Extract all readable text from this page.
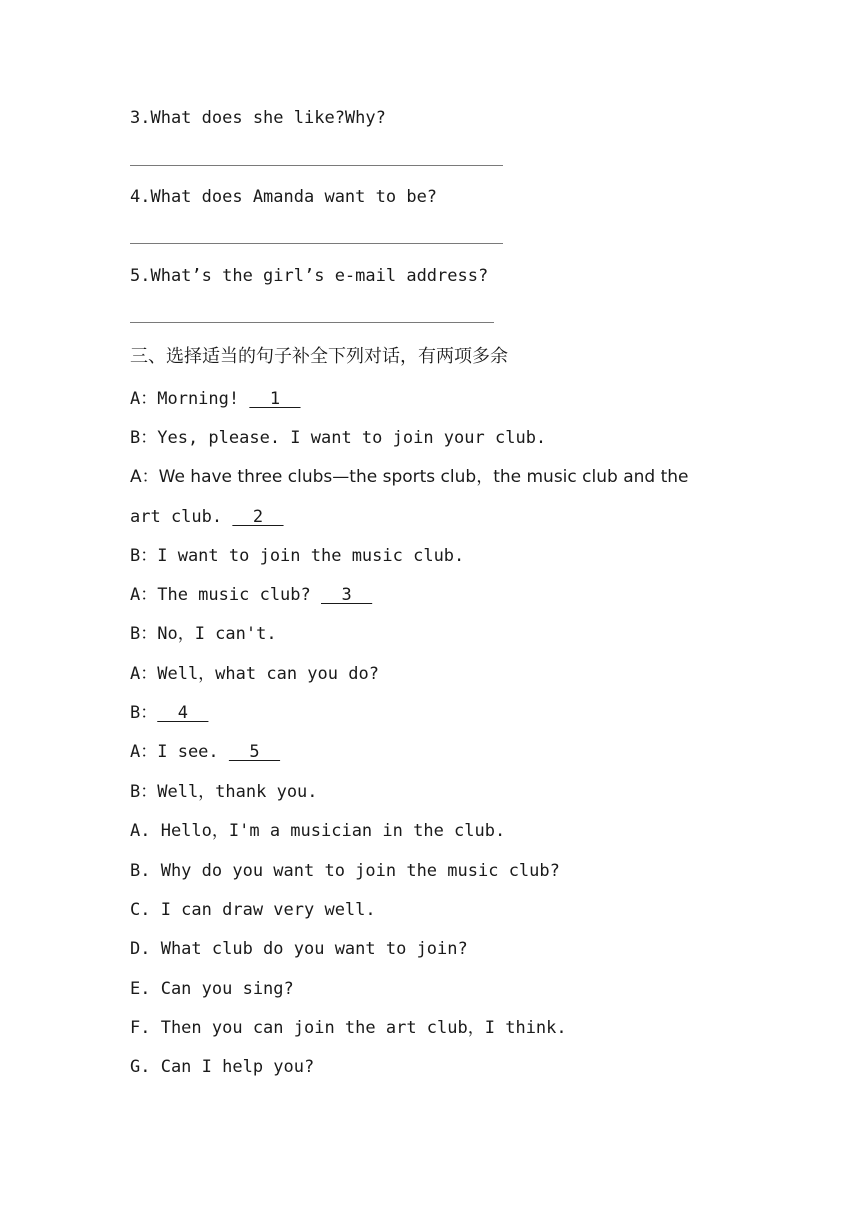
3.What does she like?Why?
4.What does Amanda want to be?
5.What’s the girl’s e-mail address?
三、选择适当的句子补全下列对话，有两项多余
A：Morning!   1
B：Yes, please. I want to join your club.
A：We have three clubs—the sports club，the music club and the
art club.   2
B：I want to join the music club.
A：The music club?   3
B：No，I can't.
A：Well，what can you do?
B：  4
A：I see.   5
B：Well，thank you.
A. Hello，I'm a musician in the club.
B. Why do you want to join the music club?
C. I can draw very well.
D. What club do you want to join?
E. Can you sing?
F. Then you can join the art club，I think.
G. Can I help you?
